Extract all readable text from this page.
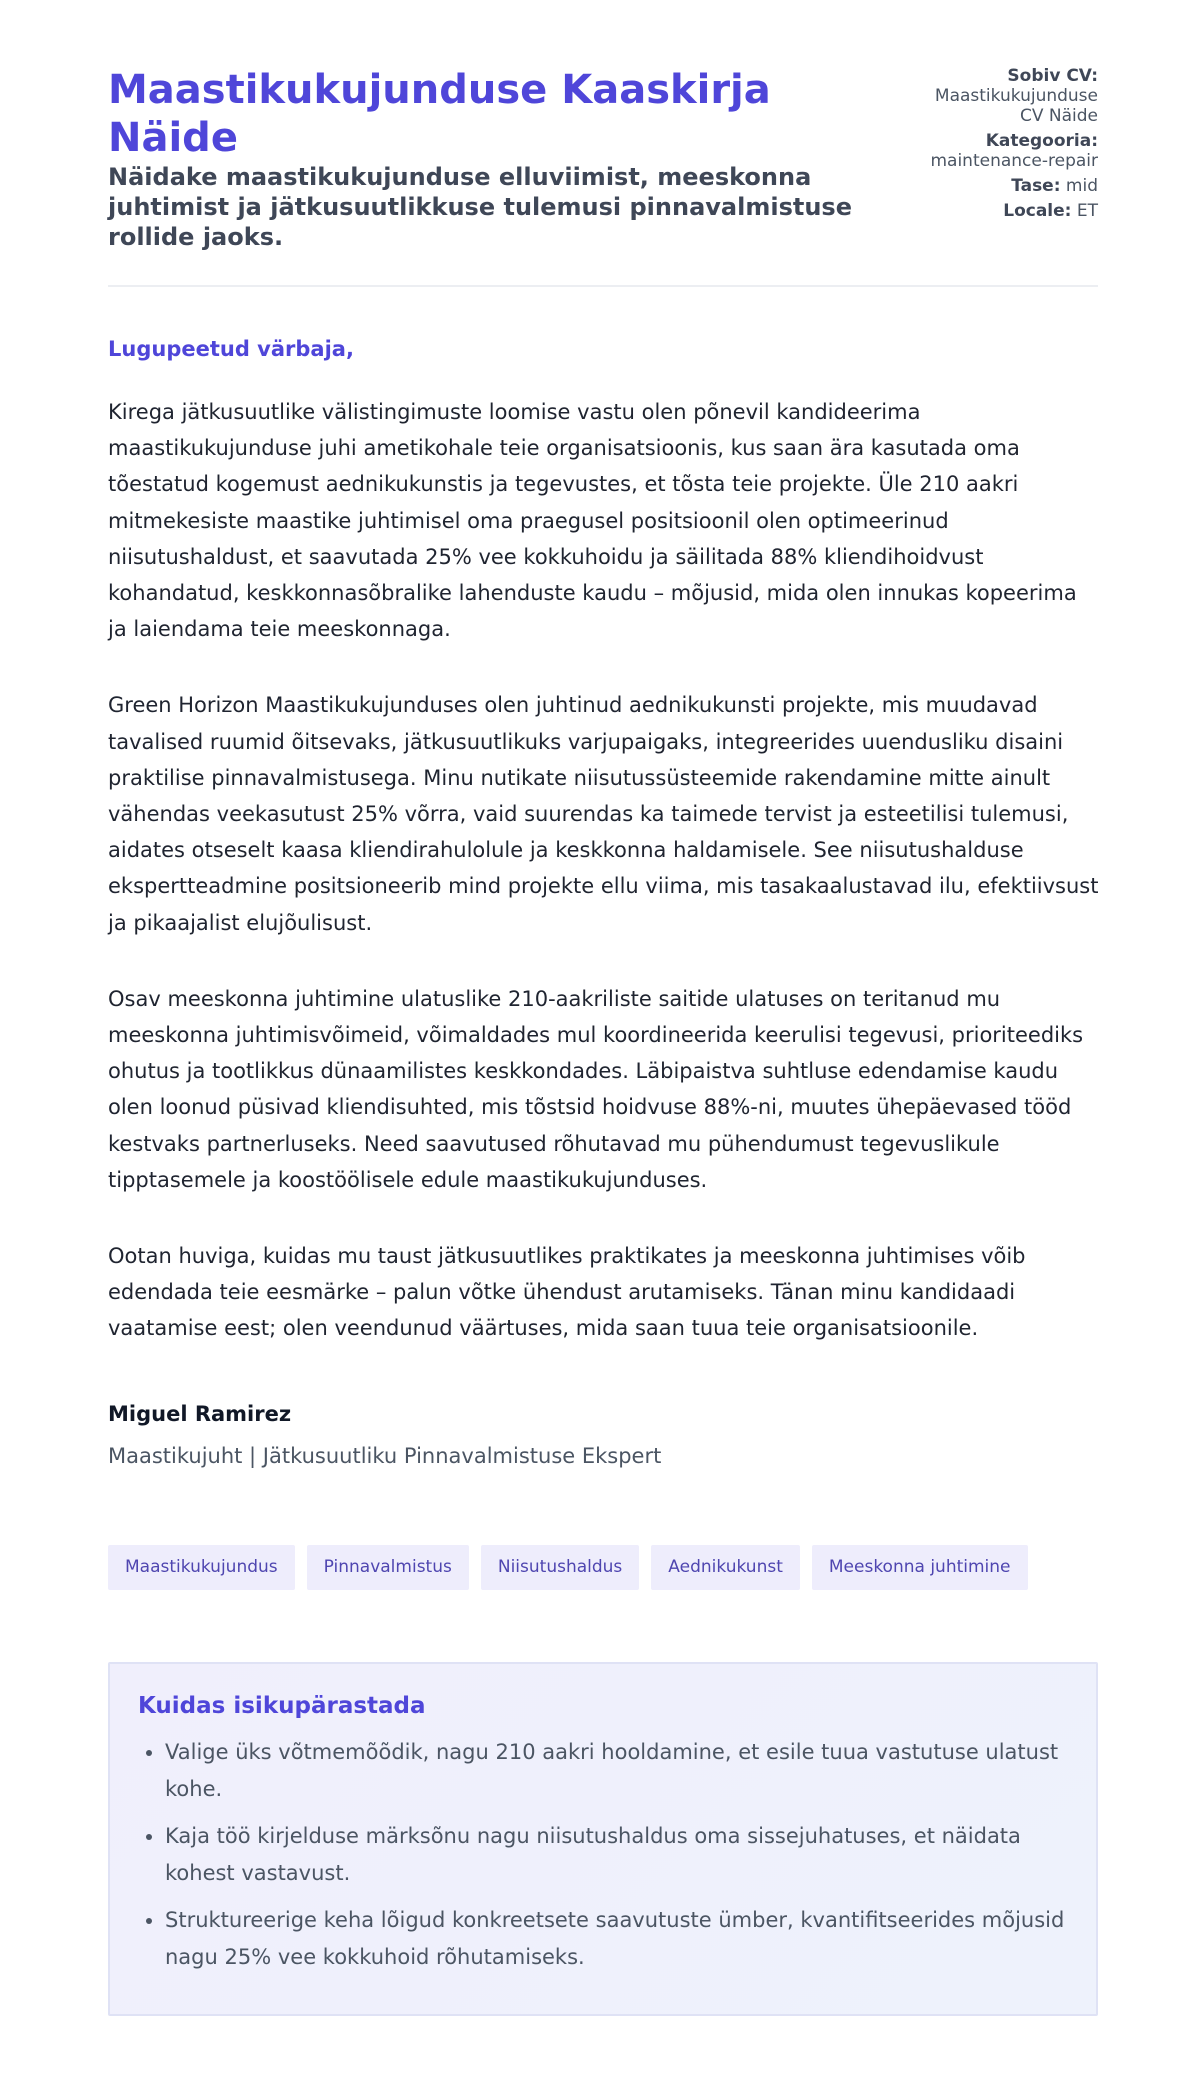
Maastikukujunduse Kaaskirja Näide
Näidake maastikukujunduse elluviimist, meeskonna juhtimist ja jätkusuutlikkuse tulemusi pinnavalmistuse rollide jaoks.
Sobiv CV:
Maastikukujunduse CV Näide
Kategooria:
maintenance-repair
Tase: mid
Locale: ET

Lugupeetud värbaja,

Kirega jätkusuutlike välistingimuste loomise vastu olen põnevil kandideerima maastikukujunduse juhi ametikohale teie organisatsioonis, kus saan ära kasutada oma tõestatud kogemust aednikukunstis ja tegevustes, et tõsta teie projekte. Üle 210 aakri mitmekesiste maastike juhtimisel oma praegusel positsioonil olen optimeerinud niisutushaldust, et saavutada 25% vee kokkuhoidu ja säilitada 88% kliendihoidvust kohandatud, keskkonnasõbralike lahenduste kaudu – mõjusid, mida olen innukas kopeerima ja laiendama teie meeskonnaga.

Green Horizon Maastikukujunduses olen juhtinud aednikukunsti projekte, mis muudavad tavalised ruumid õitsevaks, jätkusuutlikuks varjupaigaks, integreerides uuendusliku disaini praktilise pinnavalmistusega. Minu nutikate niisutussüsteemide rakendamine mitte ainult vähendas veekasutust 25% võrra, vaid suurendas ka taimede tervist ja esteetilisi tulemusi, aidates otseselt kaasa kliendirahulolule ja keskkonna haldamisele. See niisutushalduse ekspertteadmine positsioneerib mind projekte ellu viima, mis tasakaalustavad ilu, efektiivsust ja pikaajalist elujõulisust.

Osav meeskonna juhtimine ulatuslike 210-aakriliste saitide ulatuses on teritanud mu meeskonna juhtimisvõimeid, võimaldades mul koordineerida keerulisi tegevusi, prioriteediks ohutus ja tootlikkus dünaamilistes keskkondades. Läbipaistva suhtluse edendamise kaudu olen loonud püsivad kliendisuhted, mis tõstsid hoidvuse 88%-ni, muutes ühepäevased tööd kestvaks partnerluseks. Need saavutused rõhutavad mu pühendumust tegevuslikule tipptasemele ja koostöölisele edule maastikukujunduses.

Ootan huviga, kuidas mu taust jätkusuutlikes praktikates ja meeskonna juhtimises võib edendada teie eesmärke – palun võtke ühendust arutamiseks. Tänan minu kandidaadi vaatamise eest; olen veendunud väärtuses, mida saan tuua teie organisatsioonile.

Miguel Ramirez
Maastikujuht | Jätkusuutliku Pinnavalmistuse Ekspert
Maastikukujundus	Pinnavalmistus	Niisutushaldus	Aednikukunst	Meeskonna juhtimine
Kuidas isikupärastada
• Valige üks võtmemõõdik, nagu 210 aakri hooldamine, et esile tuua vastutuse ulatust kohe.
• Kaja töö kirjelduse märksõnu nagu niisutushaldus oma sissejuhatuses, et näidata kohest vastavust.
• Struktureerige keha lõigud konkreetsete saavutuste ümber, kvantifitseerides mõjusid nagu 25% vee kokkuhoid rõhutamiseks.
